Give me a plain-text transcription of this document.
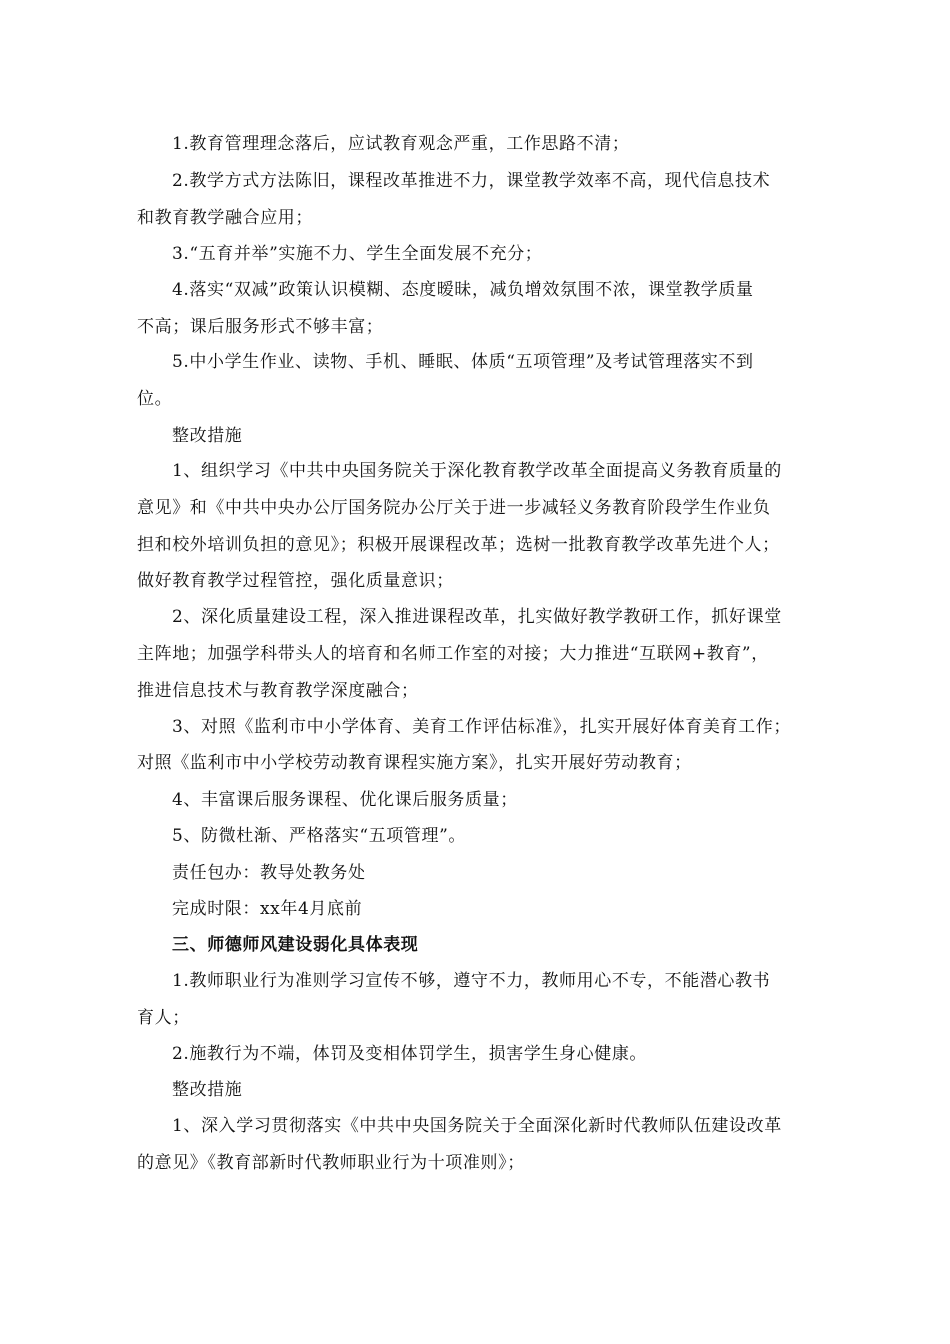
1.教育管理理念落后，应试教育观念严重，工作思路不清；
2.教学方式方法陈旧，课程改革推进不力，课堂教学效率不高，现代信息技术
和教育教学融合应用；
3.“五育并举”实施不力、学生全面发展不充分；
4.落实“双减”政策认识模糊、态度暧昧，减负增效氛围不浓，课堂教学质量
不高；课后服务形式不够丰富；
5.中小学生作业、读物、手机、睡眠、体质“五项管理”及考试管理落实不到
位。
整改措施
1、组织学习《中共中央国务院关于深化教育教学改革全面提高义务教育质量的
意见》和《中共中央办公厅国务院办公厅关于进一步减轻义务教育阶段学生作业负
担和校外培训负担的意见》；积极开展课程改革；选树一批教育教学改革先进个人；
做好教育教学过程管控，强化质量意识；
2、深化质量建设工程，深入推进课程改革，扎实做好教学教研工作，抓好课堂
主阵地；加强学科带头人的培育和名师工作室的对接；大力推进“互联网+教育”，
推进信息技术与教育教学深度融合；
3、对照《监利市中小学体育、美育工作评估标准》，扎实开展好体育美育工作；
对照《监利市中小学校劳动教育课程实施方案》，扎实开展好劳动教育；
4、丰富课后服务课程、优化课后服务质量；
5、防微杜渐、严格落实“五项管理”。
责任包办：教导处教务处
完成时限：xx年4月底前
三、师德师风建设弱化具体表现
1.教师职业行为准则学习宣传不够，遵守不力，教师用心不专，不能潜心教书
育人；
2.施教行为不端，体罚及变相体罚学生，损害学生身心健康。
整改措施
1、深入学习贯彻落实《中共中央国务院关于全面深化新时代教师队伍建设改革
的意见》《教育部新时代教师职业行为十项准则》；
